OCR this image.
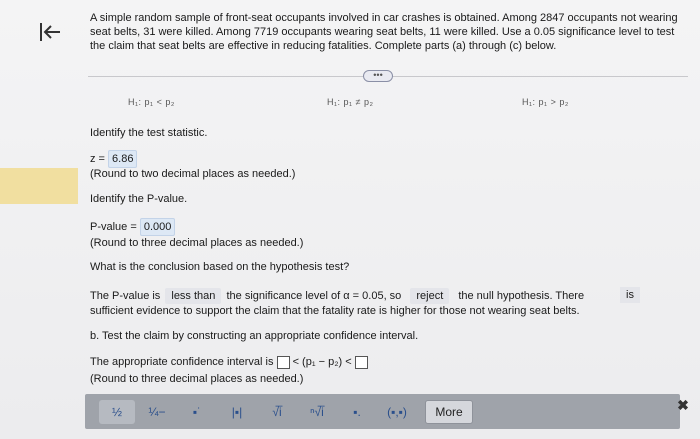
A simple random sample of front-seat occupants involved in car crashes is obtained. Among 2847 occupants not wearing seat belts, 31 were killed. Among 7719 occupants wearing seat belts, 11 were killed. Use a 0.05 significance level to test the claim that seat belts are effective in reducing fatalities. Complete parts (a) through (c) below.
•••
H₁: p₁ < p₂	H₁: p₁ ≠ p₂	H₁: p₁ > p₂
Identify the test statistic.
z = 6.86
(Round to two decimal places as needed.)
Identify the P-value.
P-value = 0.000
(Round to three decimal places as needed.)
What is the conclusion based on the hypothesis test?
The P-value is less than the significance level of α = 0.05, so reject the null hypothesis. There	is
sufficient evidence to support the claim that the fatality rate is higher for those not wearing seat belts.
b. Test the claim by constructing an appropriate confidence interval.
The appropriate confidence interval is < (p₁ − p₂) <
(Round to three decimal places as needed.)
½	¼−	▪˙	|▪|	√̅i	ⁿ√̅i	▪.	(▪,▪)	More	✖
